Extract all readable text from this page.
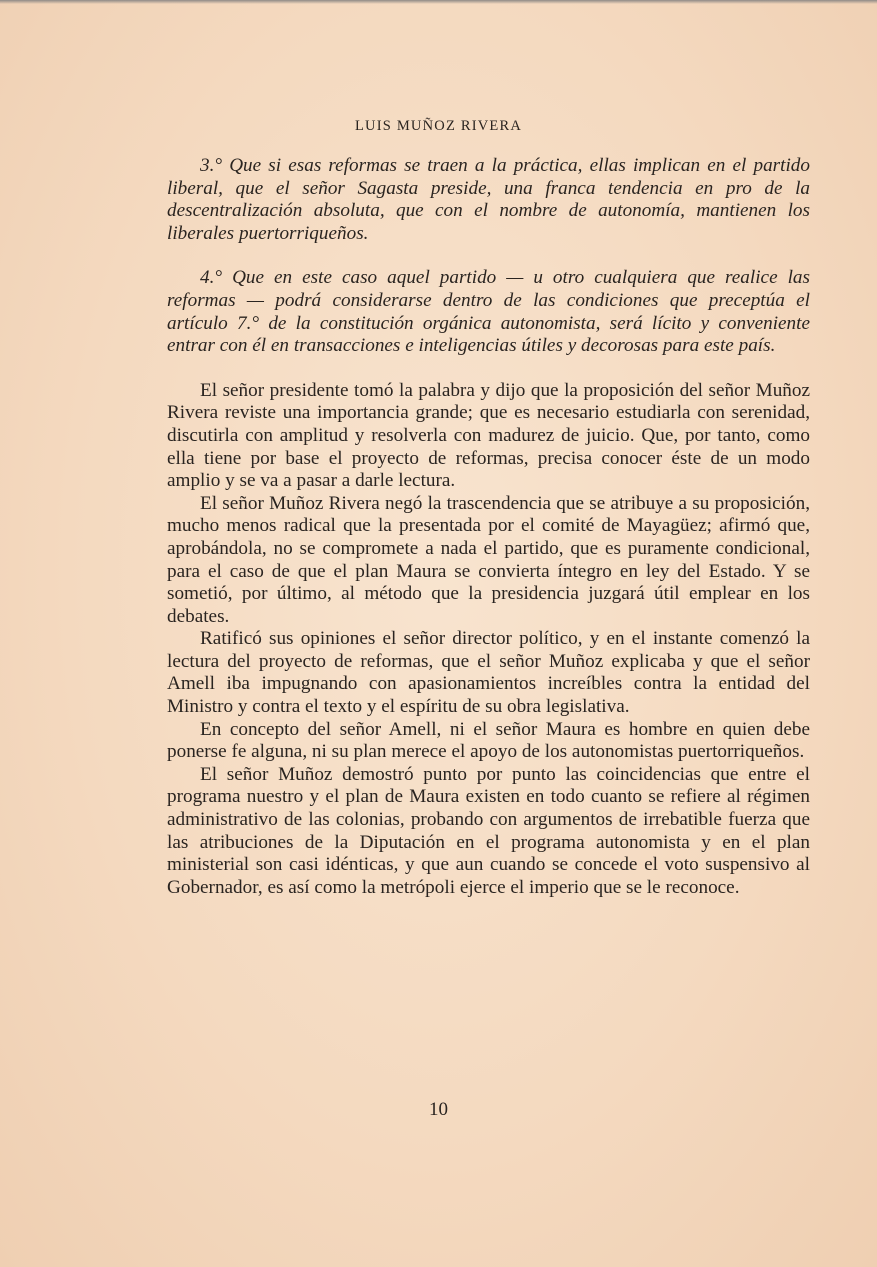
LUIS MUÑOZ RIVERA

3.° Que si esas reformas se traen a la práctica, ellas implican en el partido liberal, que el señor Sagasta preside, una franca tendencia en pro de la descentralización absoluta, que con el nombre de autonomía, mantienen los liberales puertorriqueños.

4.° Que en este caso aquel partido — u otro cualquiera que realice las reformas — podrá considerarse dentro de las condiciones que preceptúa el artículo 7.° de la constitución orgánica autonomista, será lícito y conveniente entrar con él en transacciones e inteligencias útiles y decorosas para este país.

El señor presidente tomó la palabra y dijo que la proposición del señor Muñoz Rivera reviste una importancia grande; que es necesario estudiarla con serenidad, discutirla con amplitud y resolverla con madurez de juicio. Que, por tanto, como ella tiene por base el proyecto de reformas, precisa conocer éste de un modo amplio y se va a pasar a darle lectura.

El señor Muñoz Rivera negó la trascendencia que se atribuye a su proposición, mucho menos radical que la presentada por el comité de Mayagüez; afirmó que, aprobándola, no se compromete a nada el partido, que es puramente condicional, para el caso de que el plan Maura se convierta íntegro en ley del Estado. Y se sometió, por último, al método que la presidencia juzgará útil emplear en los debates.

Ratificó sus opiniones el señor director político, y en el instante comenzó la lectura del proyecto de reformas, que el señor Muñoz explicaba y que el señor Amell iba impugnando con apasionamientos increíbles contra la entidad del Ministro y contra el texto y el espíritu de su obra legislativa.

En concepto del señor Amell, ni el señor Maura es hombre en quien debe ponerse fe alguna, ni su plan merece el apoyo de los autonomistas puertorriqueños.

El señor Muñoz demostró punto por punto las coincidencias que entre el programa nuestro y el plan de Maura existen en todo cuanto se refiere al régimen administrativo de las colonias, probando con argumentos de irrebatible fuerza que las atribuciones de la Diputación en el programa autonomista y en el plan ministerial son casi idénticas, y que aun cuando se concede el voto suspensivo al Gobernador, es así como la metrópoli ejerce el imperio que se le reconoce.

10
